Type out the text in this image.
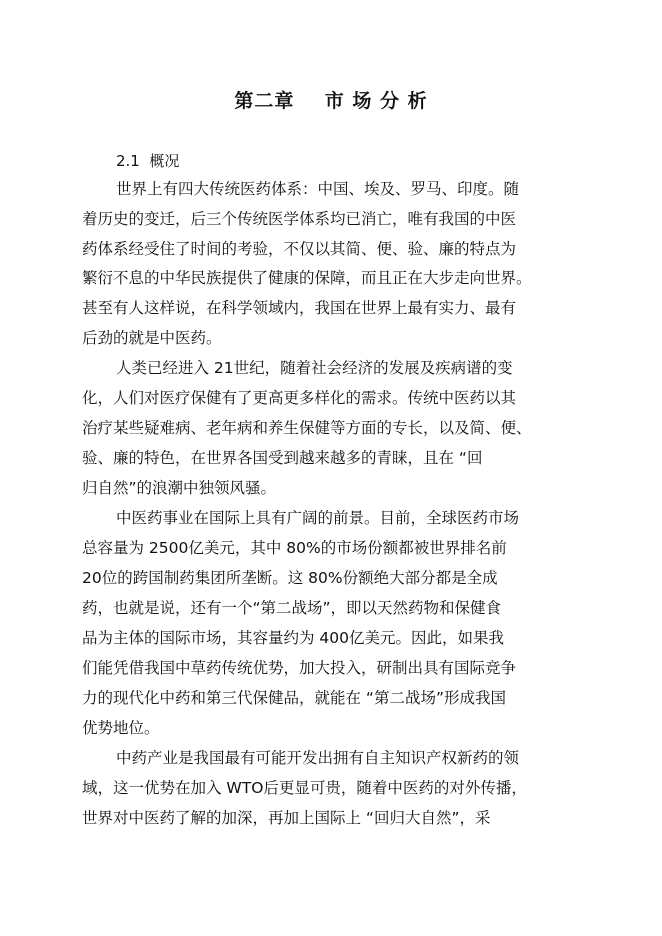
第二章    市 场 分 析
2.1  概况
世界上有四大传统医药体系：中国、埃及、罗马、印度。随
着历史的变迁，后三个传统医学体系均已消亡，唯有我国的中医
药体系经受住了时间的考验，不仅以其简、便、验、廉的特点为
繁衍不息的中华民族提供了健康的保障，而且正在大步走向世界。
甚至有人这样说，在科学领域内，我国在世界上最有实力、最有
后劲的就是中医药。
人类已经进入 21世纪，随着社会经济的发展及疾病谱的变
化，人们对医疗保健有了更高更多样化的需求。传统中医药以其
治疗某些疑难病、老年病和养生保健等方面的专长，以及简、便、
验、廉的特色，在世界各国受到越来越多的青睐，且在 “回
归自然”的浪潮中独领风骚。
中医药事业在国际上具有广阔的前景。目前，全球医药市场
总容量为 2500亿美元，其中 80%的市场份额都被世界排名前
20位的跨国制药集团所垄断。这 80%份额绝大部分都是全成
药，也就是说，还有一个“第二战场”，即以天然药物和保健食
品为主体的国际市场，其容量约为 400亿美元。因此，如果我
们能凭借我国中草药传统优势，加大投入，研制出具有国际竞争
力的现代化中药和第三代保健品，就能在 “第二战场”形成我国
优势地位。
中药产业是我国最有可能开发出拥有自主知识产权新药的领
域，这一优势在加入 WTO后更显可贵，随着中医药的对外传播，
世界对中医药了解的加深，再加上国际上 “回归大自然”，采
